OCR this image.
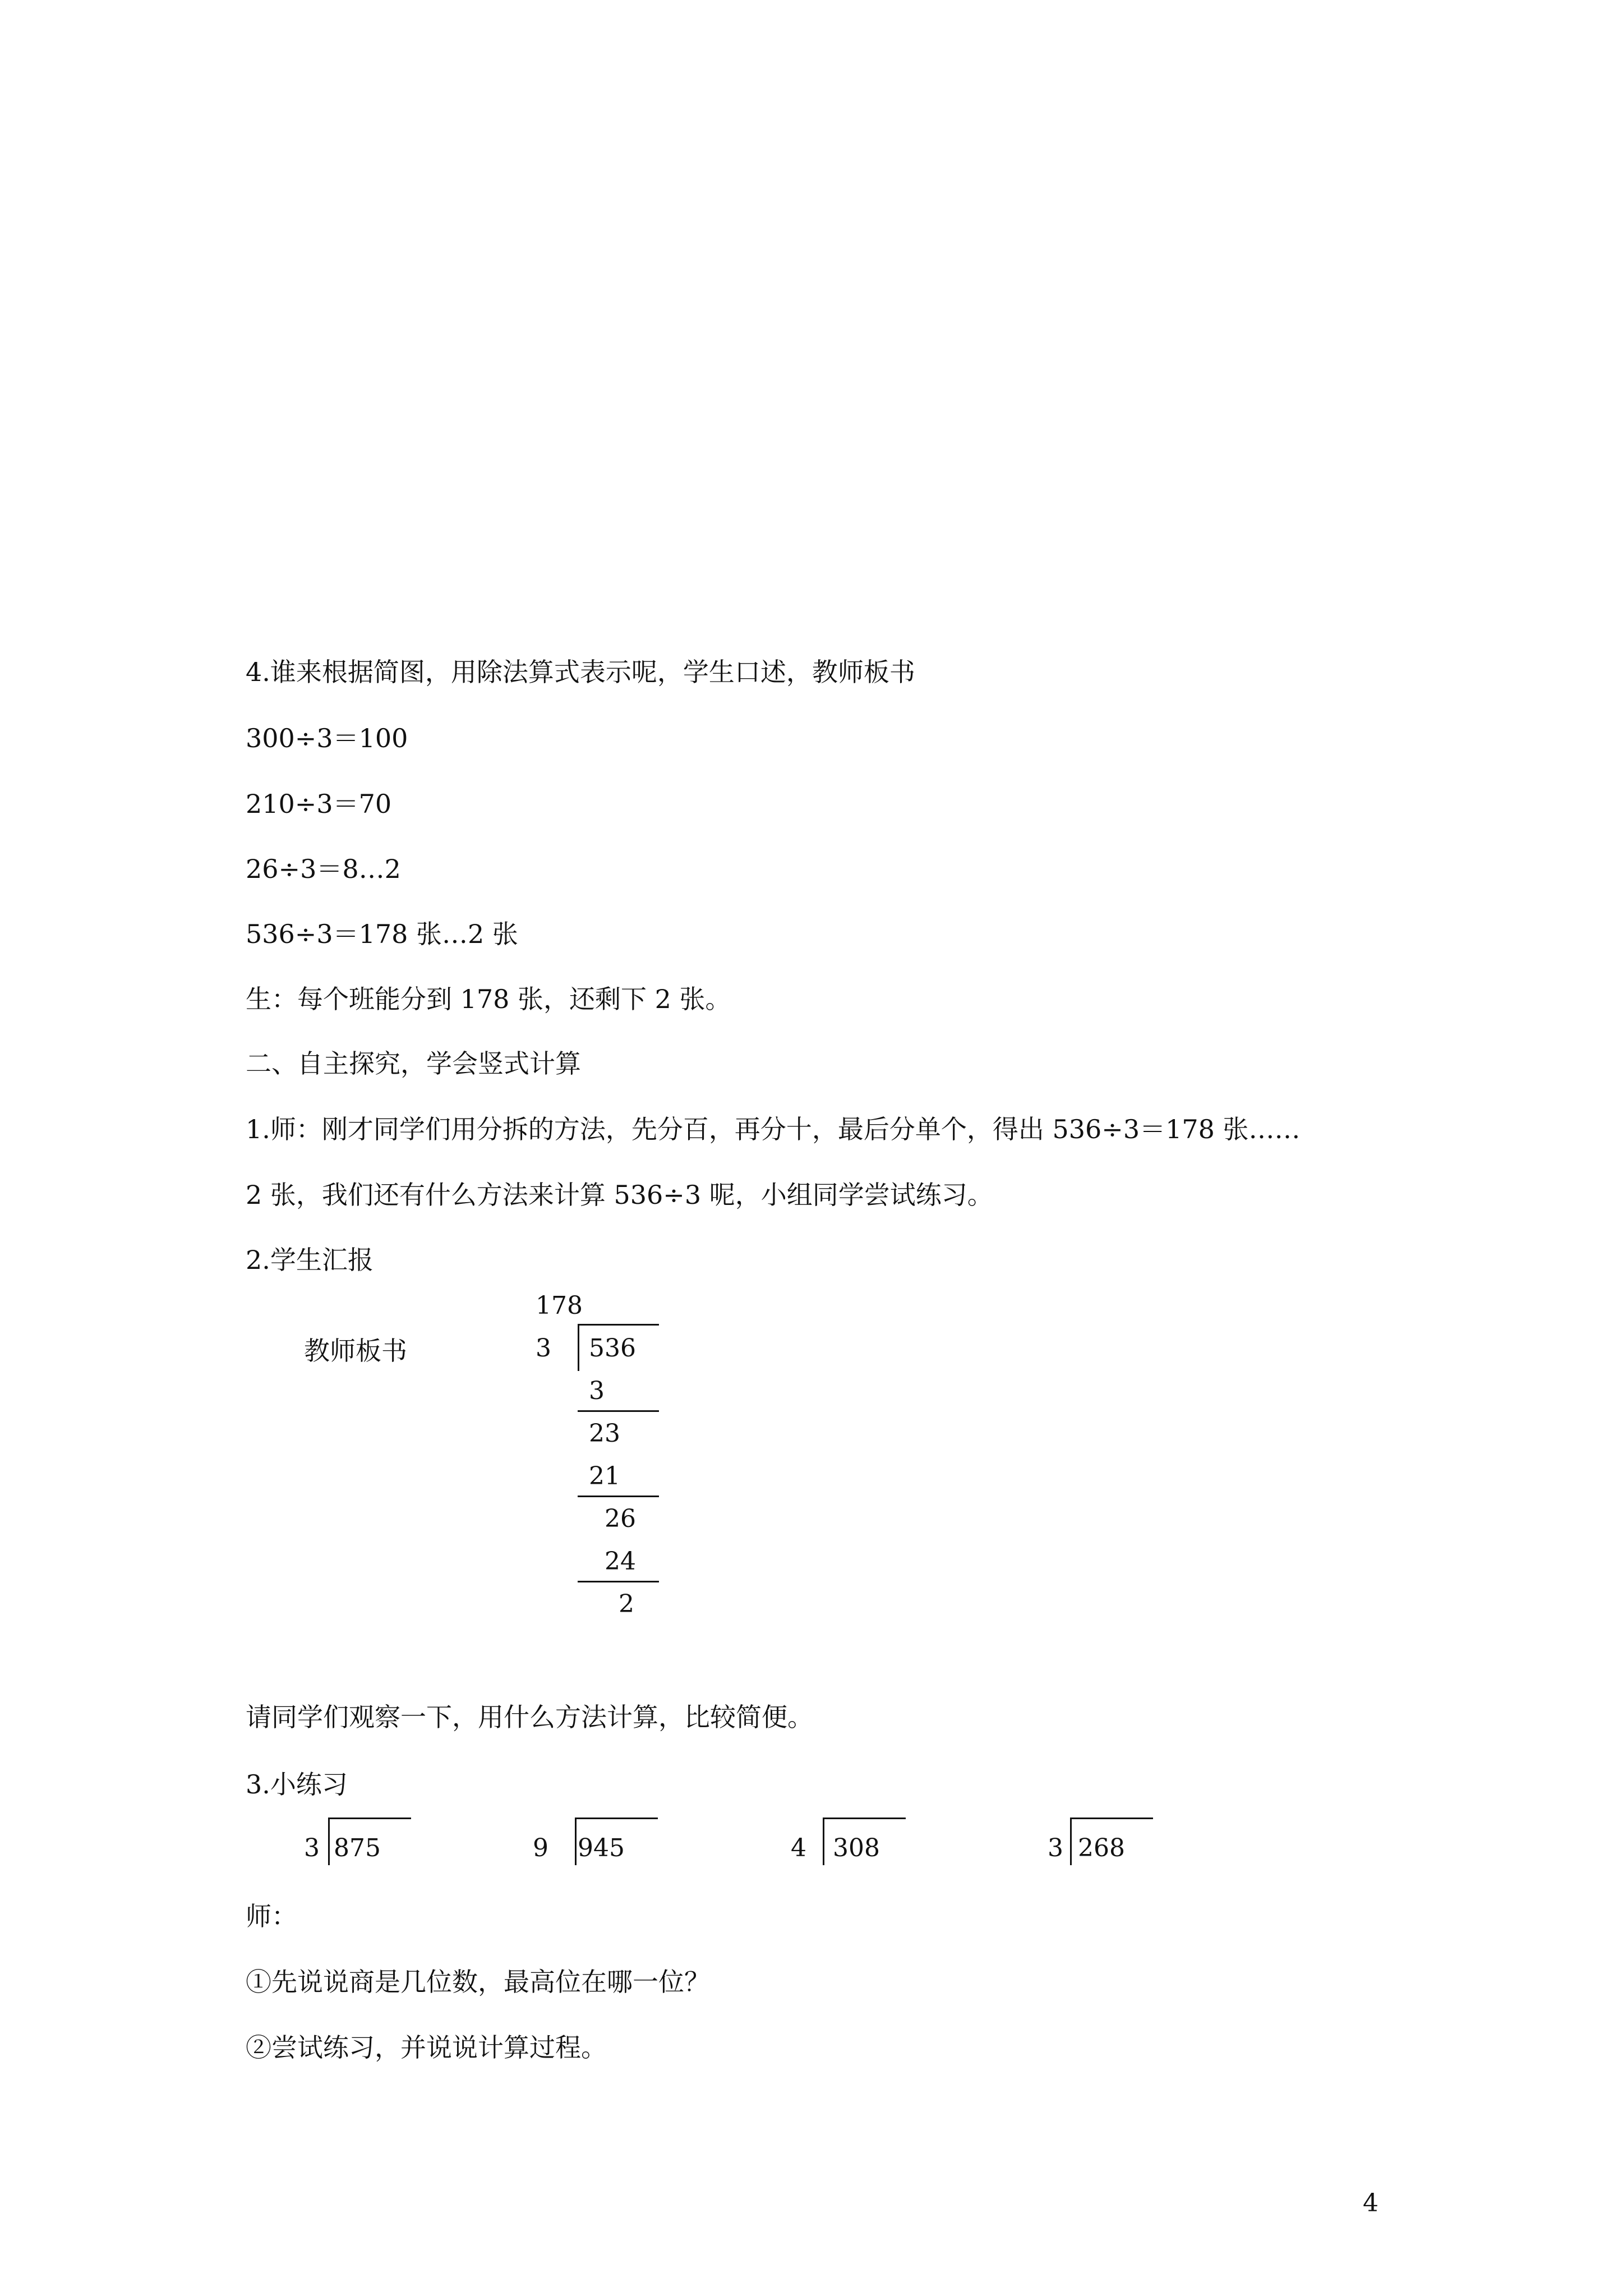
4.谁来根据简图，用除法算式表示呢，学生口述，教师板书
300÷3＝100
210÷3＝70
26÷3＝8…2
536÷3＝178 张…2 张
生：每个班能分到 178 张，还剩下 2 张。
二、自主探究，学会竖式计算
1.师：刚才同学们用分拆的方法，先分百，再分十，最后分单个，得出 536÷3＝178 张……
2 张，我们还有什么方法来计算 536÷3 呢，小组同学尝试练习。
2.学生汇报
教师板书
178
3 536
3
23
21
26
24
2
请同学们观察一下，用什么方法计算，比较简便。
3.小练习
3 875	9 945	4 308	3 268
师：
①先说说商是几位数，最高位在哪一位？
②尝试练习，并说说计算过程。
4
